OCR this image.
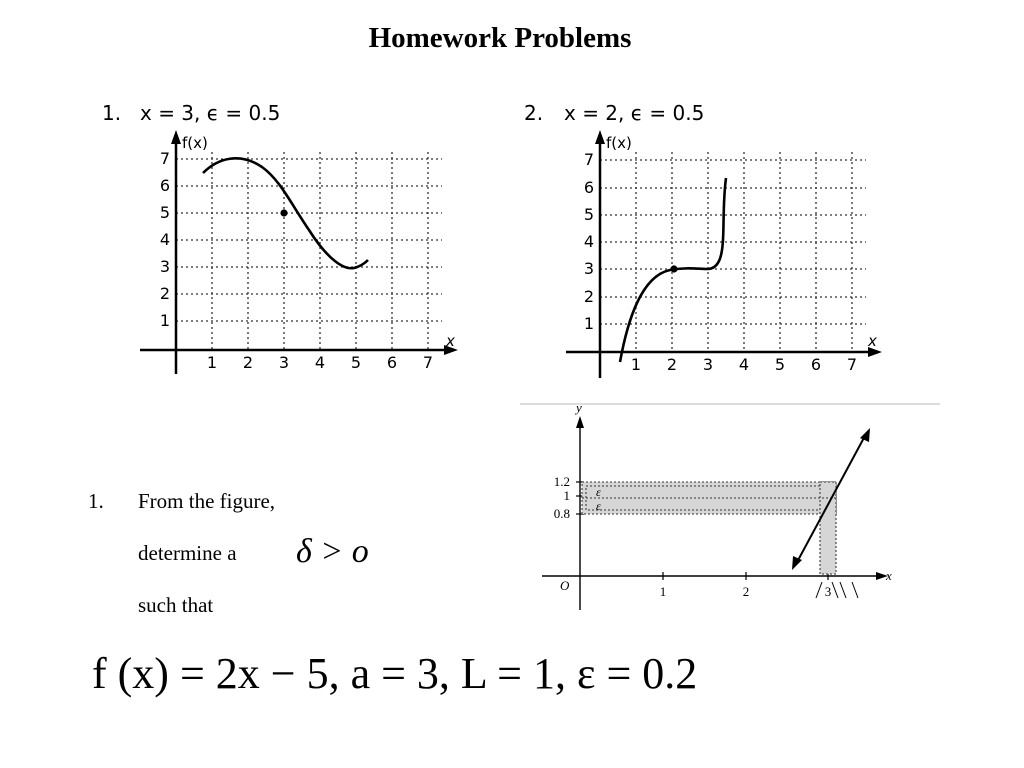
Homework Problems
1. x = 3, ϵ = 0.5
f(x)
x
1
2
3
4
5
6
7
1 2 3 4 5 6 7
2. x = 2, ϵ = 0.5
f(x)
x
1
2
3
4
5
6
7
1 2 3 4 5 6 7
y
x
O
1.2
1
0.8
1	2	3
ε
ε
1. From the figure,
determine a δ > o
such that
f (x) = 2x − 5, a = 3, L = 1, ε = 0.2
